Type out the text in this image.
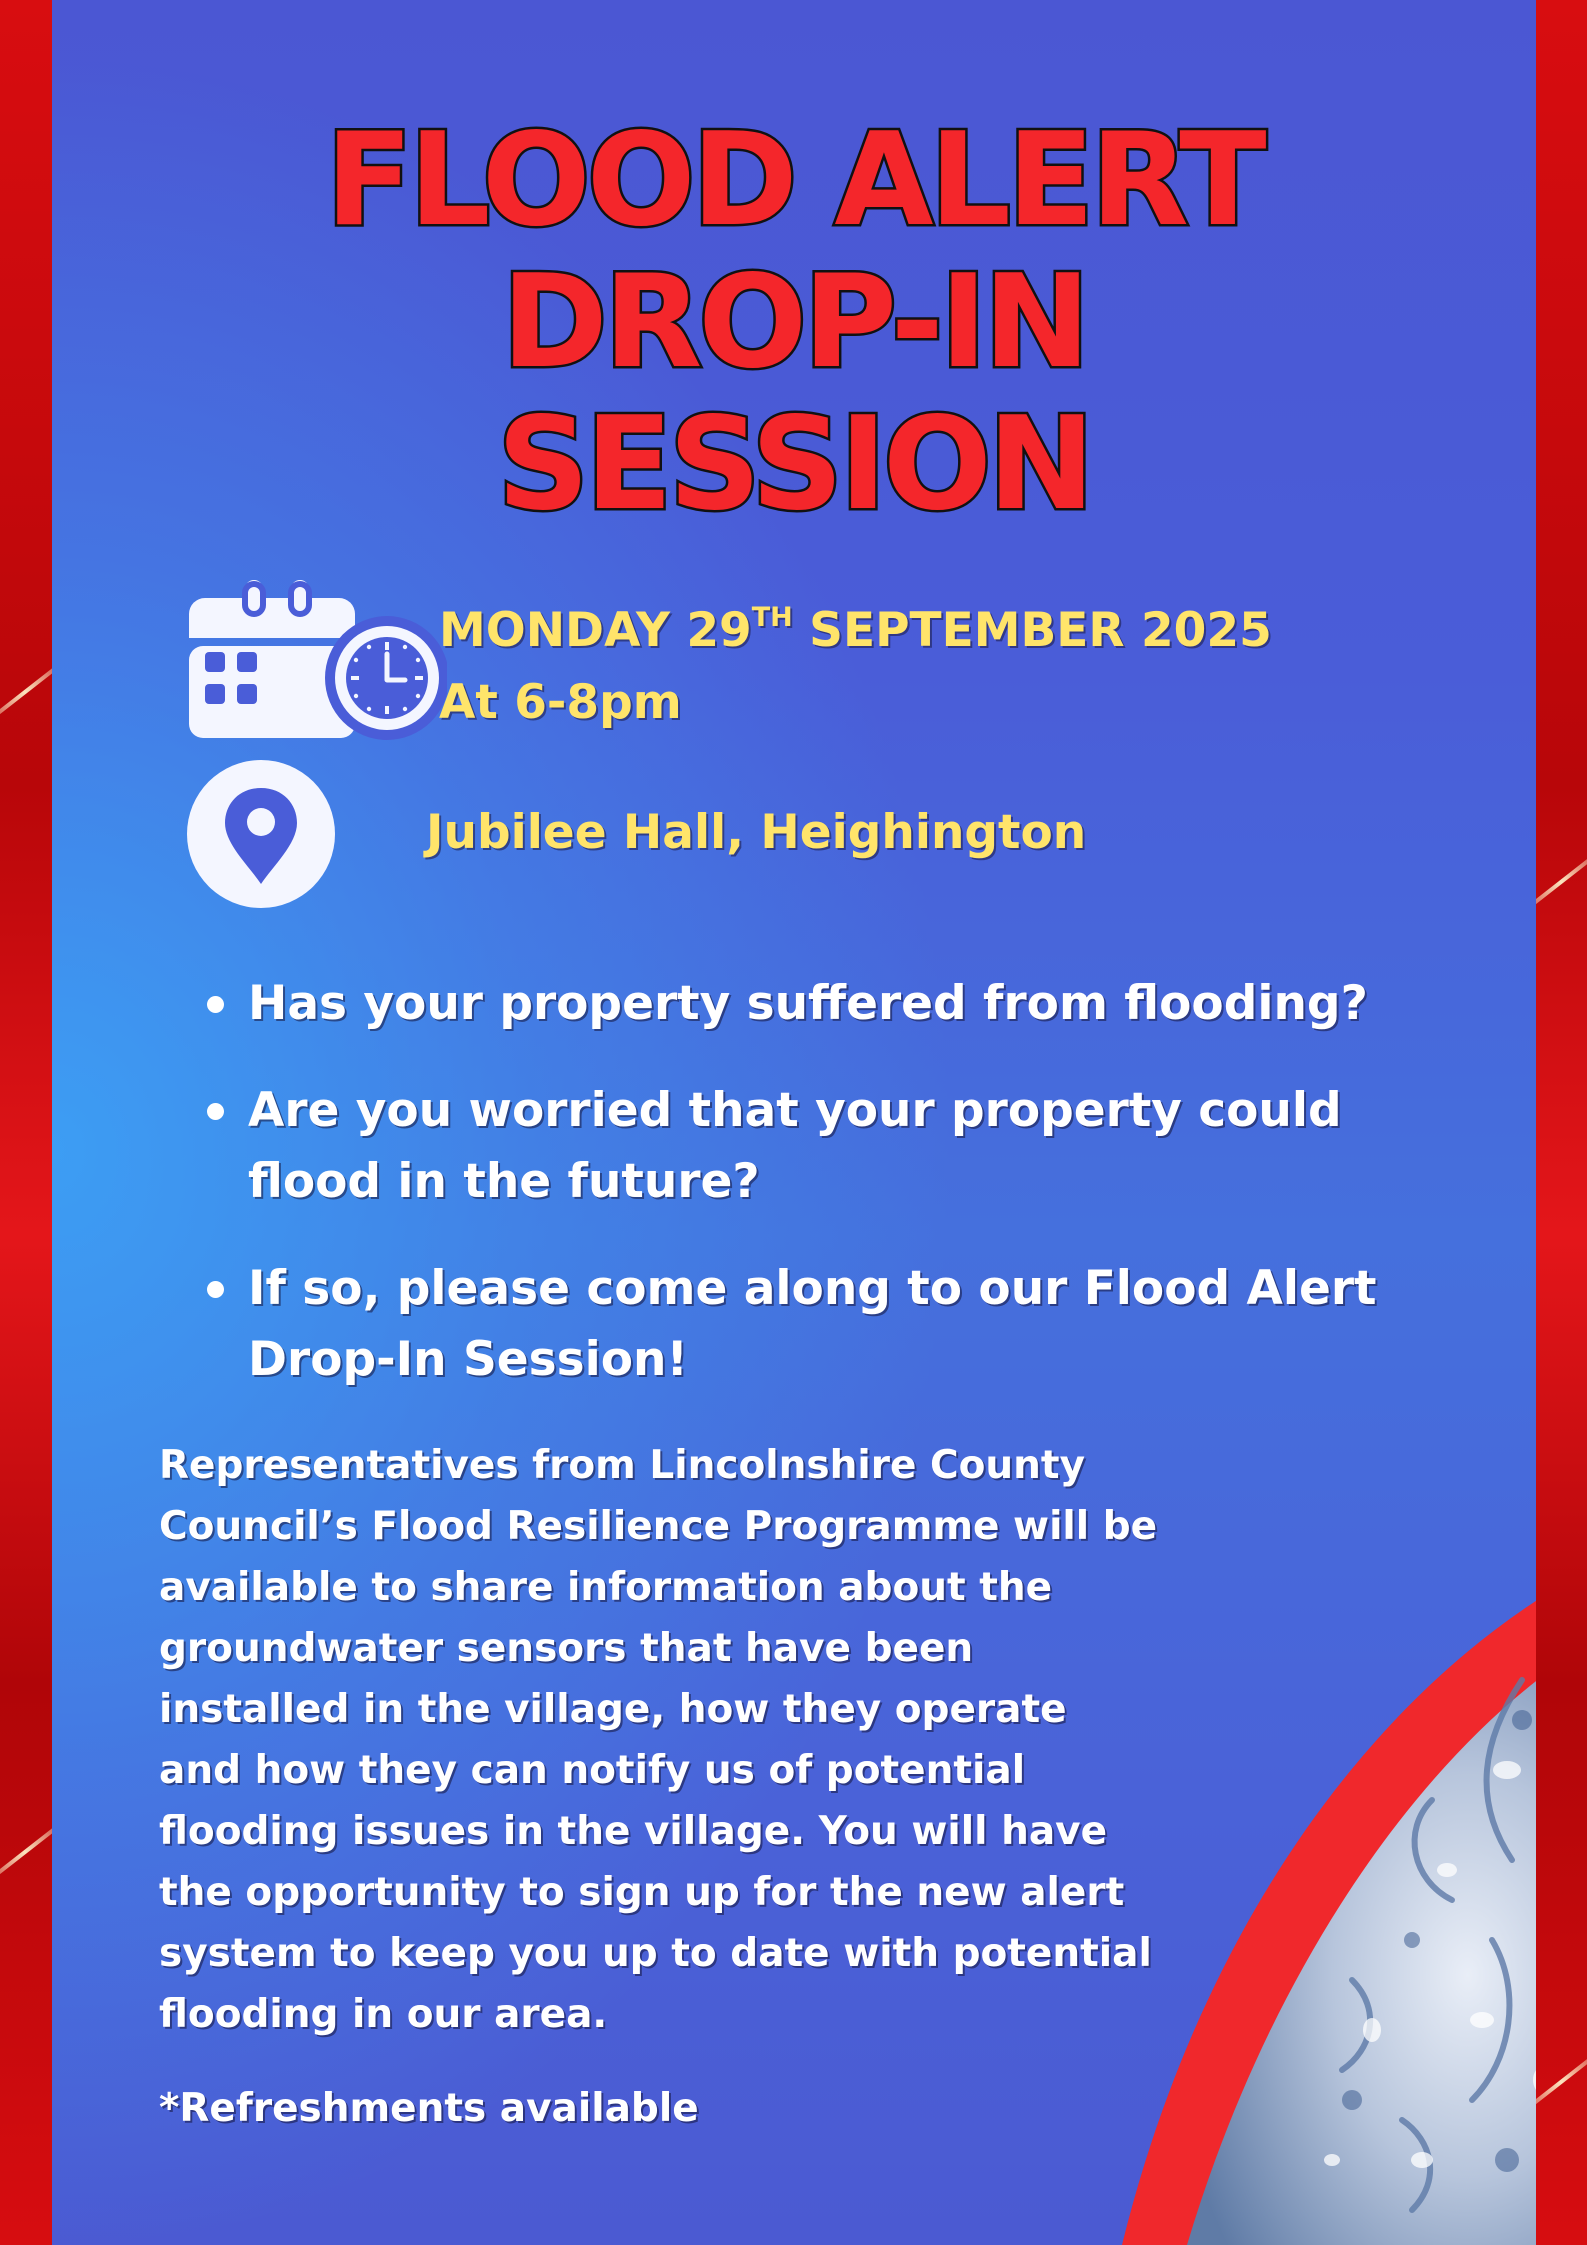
FLOOD ALERT
DROP-IN
SESSION
MONDAY 29TH SEPTEMBER 2025
At 6-8pm
Jubilee Hall, Heighington
Has your property suffered from flooding?
Are you worried that your property could flood in the future?
If so, please come along to our Flood Alert Drop-In Session!

Representatives from Lincolnshire County Council’s Flood Resilience Programme will be available to share information about the groundwater sensors that have been installed in the village, how they operate and how they can notify us of potential flooding issues in the village. You will have the opportunity to sign up for the new alert system to keep you up to date with potential flooding in our area.

*Refreshments available
